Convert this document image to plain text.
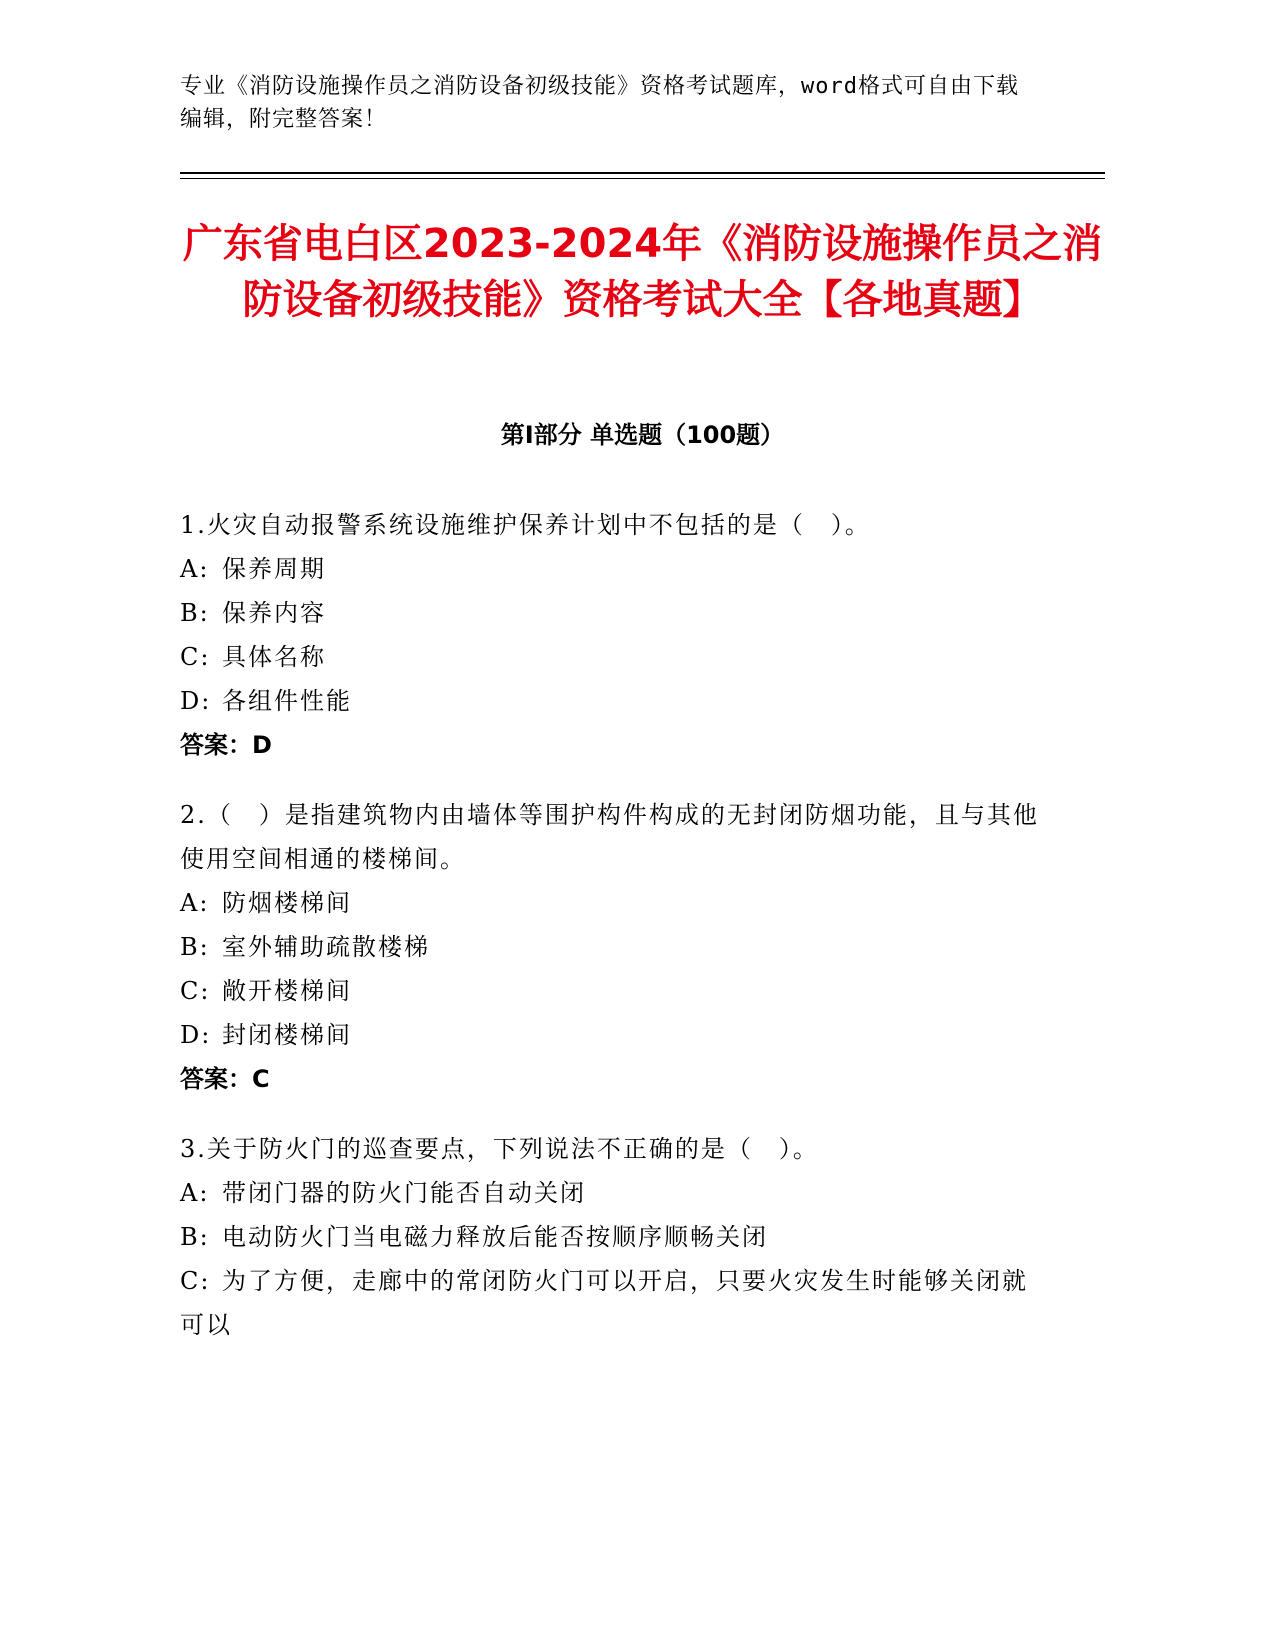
专业《消防设施操作员之消防设备初级技能》资格考试题库，word格式可自由下载编辑，附完整答案！
广东省电白区2023-2024年《消防设施操作员之消防设备初级技能》资格考试大全【各地真题】
第Ⅰ部分 单选题（100题）
1.火灾自动报警系统设施维护保养计划中不包括的是（　）。
A: 保养周期
B: 保养内容
C: 具体名称
D: 各组件性能
答案：D
2.（　）是指建筑物内由墙体等围护构件构成的无封闭防烟功能，且与其他使用空间相通的楼梯间。
A: 防烟楼梯间
B: 室外辅助疏散楼梯
C: 敞开楼梯间
D: 封闭楼梯间
答案：C
3.关于防火门的巡查要点，下列说法不正确的是（　）。
A: 带闭门器的防火门能否自动关闭
B: 电动防火门当电磁力释放后能否按顺序顺畅关闭
C: 为了方便，走廊中的常闭防火门可以开启，只要火灾发生时能够关闭就可以
